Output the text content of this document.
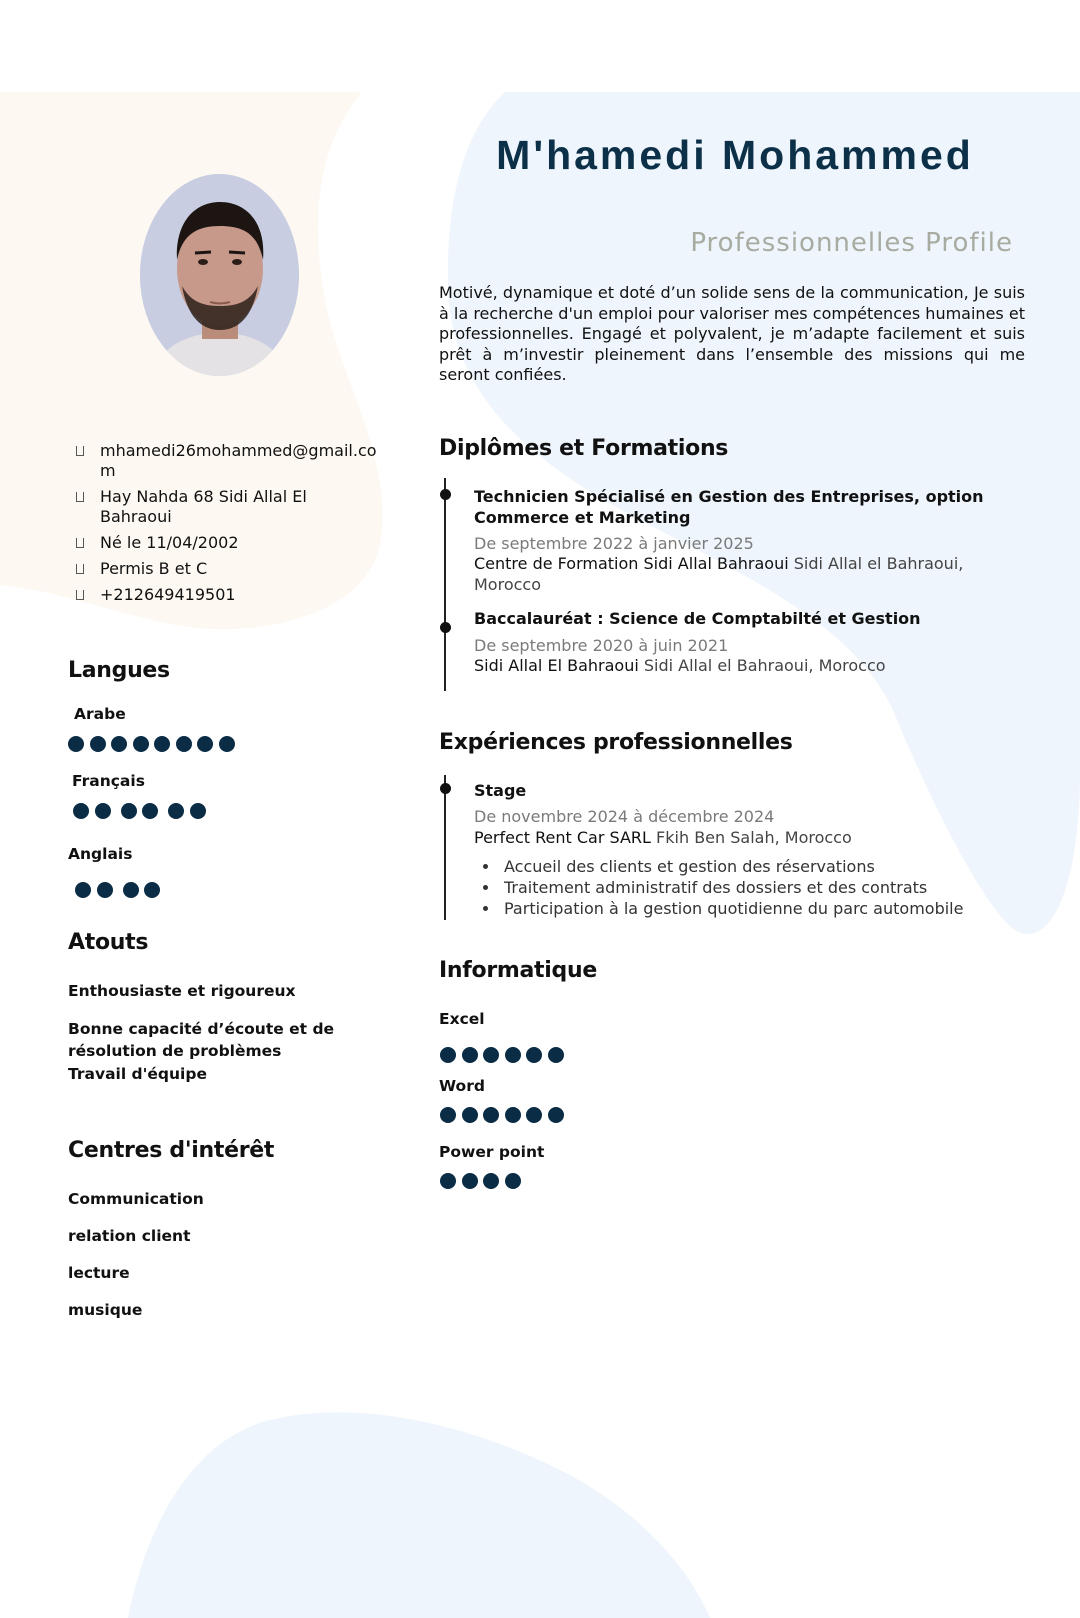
M'hamedi Mohammed
Professionnelles Profile

Motivé, dynamique et doté d’un solide sens de la communication, Je suis à la recherche d'un emploi pour valoriser mes compétences humaines et professionnelles. Engagé et polyvalent, je m’adapte facilement et suis prêt à m’investir pleinement dans l’ensemble des missions qui me seront confiées.

mhamedi26mohammed@gmail.com
Hay Nahda 68 Sidi Allal El Bahraoui
Né le 11/04/2002
Permis B et C
+212649419501
Langues
Arabe
Français
Anglais
Atouts
Enthousiaste et rigoureux
Bonne capacité d’écoute et de résolution de problèmes
Travail d'équipe
Centres d'intérêt
Communication
relation client
lecture
musique
Diplômes et Formations
Technicien Spécialisé en Gestion des Entreprises, option Commerce et Marketing
De septembre 2022 à janvier 2025
Centre de Formation Sidi Allal Bahraoui Sidi Allal el Bahraoui, Morocco
Baccalauréat : Science de Comptabilté et Gestion
De septembre 2020 à juin 2021
Sidi Allal El Bahraoui Sidi Allal el Bahraoui, Morocco
Expériences professionnelles
Stage
De novembre 2024 à décembre 2024
Perfect Rent Car SARL Fkih Ben Salah, Morocco
• Accueil des clients et gestion des réservations
• Traitement administratif des dossiers et des contrats
• Participation à la gestion quotidienne du parc automobile
Informatique
Excel
Word
Power point
